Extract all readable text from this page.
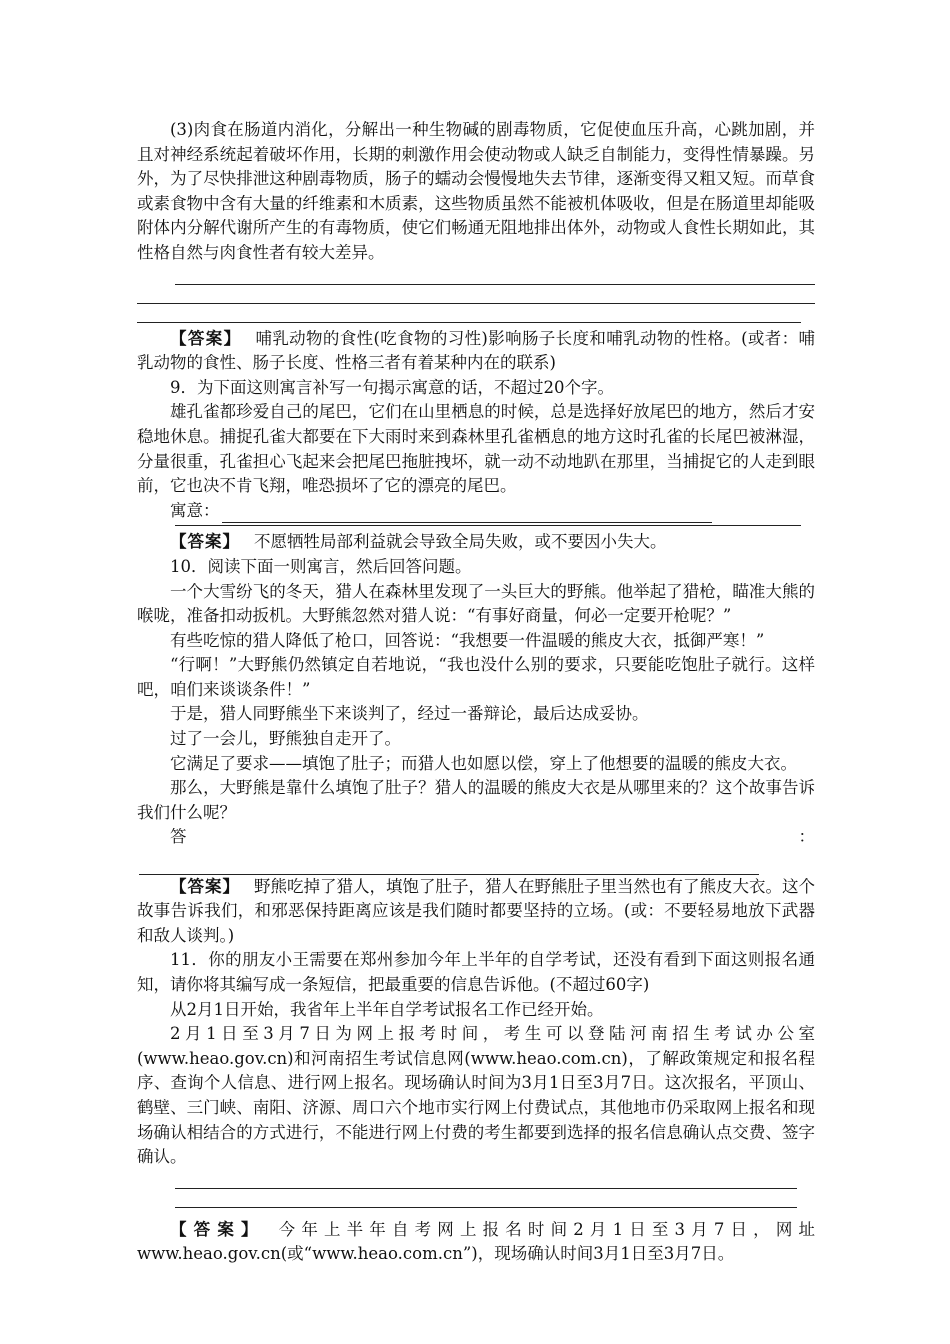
(3)肉食在肠道内消化，分解出一种生物碱的剧毒物质，它促使血压升高，心跳加剧，并且对神经系统起着破坏作用，长期的刺激作用会使动物或人缺乏自制能力，变得性情暴躁。另外，为了尽快排泄这种剧毒物质，肠子的蠕动会慢慢地失去节律，逐渐变得又粗又短。而草食或素食物中含有大量的纤维素和木质素，这些物质虽然不能被机体吸收，但是在肠道里却能吸附体内分解代谢所产生的有毒物质，使它们畅通无阻地排出体外，动物或人食性长期如此，其性格自然与肉食性者有较大差异。

【答案】 哺乳动物的食性(吃食物的习性)影响肠子长度和哺乳动物的性格。(或者：哺乳动物的食性、肠子长度、性格三者有着某种内在的联系)

9．为下面这则寓言补写一句揭示寓意的话，不超过20个字。

雄孔雀都珍爱自己的尾巴，它们在山里栖息的时候，总是选择好放尾巴的地方，然后才安稳地休息。捕捉孔雀大都要在下大雨时来到森林里孔雀栖息的地方这时孔雀的长尾巴被淋湿，分量很重，孔雀担心飞起来会把尾巴拖脏拽坏，就一动不动地趴在那里，当捕捉它的人走到眼前，它也决不肯飞翔，唯恐损坏了它的漂亮的尾巴。

寓意：

【答案】 不愿牺牲局部利益就会导致全局失败，或不要因小失大。

10．阅读下面一则寓言，然后回答问题。

一个大雪纷飞的冬天，猎人在森林里发现了一头巨大的野熊。他举起了猎枪，瞄准大熊的喉咙，准备扣动扳机。大野熊忽然对猎人说：“有事好商量，何必一定要开枪呢？”

有些吃惊的猎人降低了枪口，回答说：“我想要一件温暖的熊皮大衣，抵御严寒！”

“行啊！”大野熊仍然镇定自若地说，“我也没什么别的要求，只要能吃饱肚子就行。这样吧，咱们来谈谈条件！”

于是，猎人同野熊坐下来谈判了，经过一番辩论，最后达成妥协。

过了一会儿，野熊独自走开了。

它满足了要求——填饱了肚子；而猎人也如愿以偿，穿上了他想要的温暖的熊皮大衣。

那么，大野熊是靠什么填饱了肚子？猎人的温暖的熊皮大衣是从哪里来的？这个故事告诉我们什么呢？

答：

【答案】 野熊吃掉了猎人，填饱了肚子，猎人在野熊肚子里当然也有了熊皮大衣。这个故事告诉我们，和邪恶保持距离应该是我们随时都要坚持的立场。(或：不要轻易地放下武器和敌人谈判。)

11．你的朋友小王需要在郑州参加今年上半年的自学考试，还没有看到下面这则报名通知，请你将其编写成一条短信，把最重要的信息告诉他。(不超过60字)

从2月1日开始，我省年上半年自学考试报名工作已经开始。

2月1日至3月7日为网上报考时间，考生可以登陆河南招生考试办公室(www.heao.gov.cn)和河南招生考试信息网(www.heao.com.cn)，了解政策规定和报名程序、查询个人信息、进行网上报名。现场确认时间为3月1日至3月7日。这次报名，平顶山、鹤壁、三门峡、南阳、济源、周口六个地市实行网上付费试点，其他地市仍采取网上报名和现场确认相结合的方式进行，不能进行网上付费的考生都要到选择的报名信息确认点交费、签字确认。

【答案】 今年上半年自考网上报名时间2月1日至3月7日，网址www.heao.gov.cn(或“www.heao.com.cn”)，现场确认时间3月1日至3月7日。
